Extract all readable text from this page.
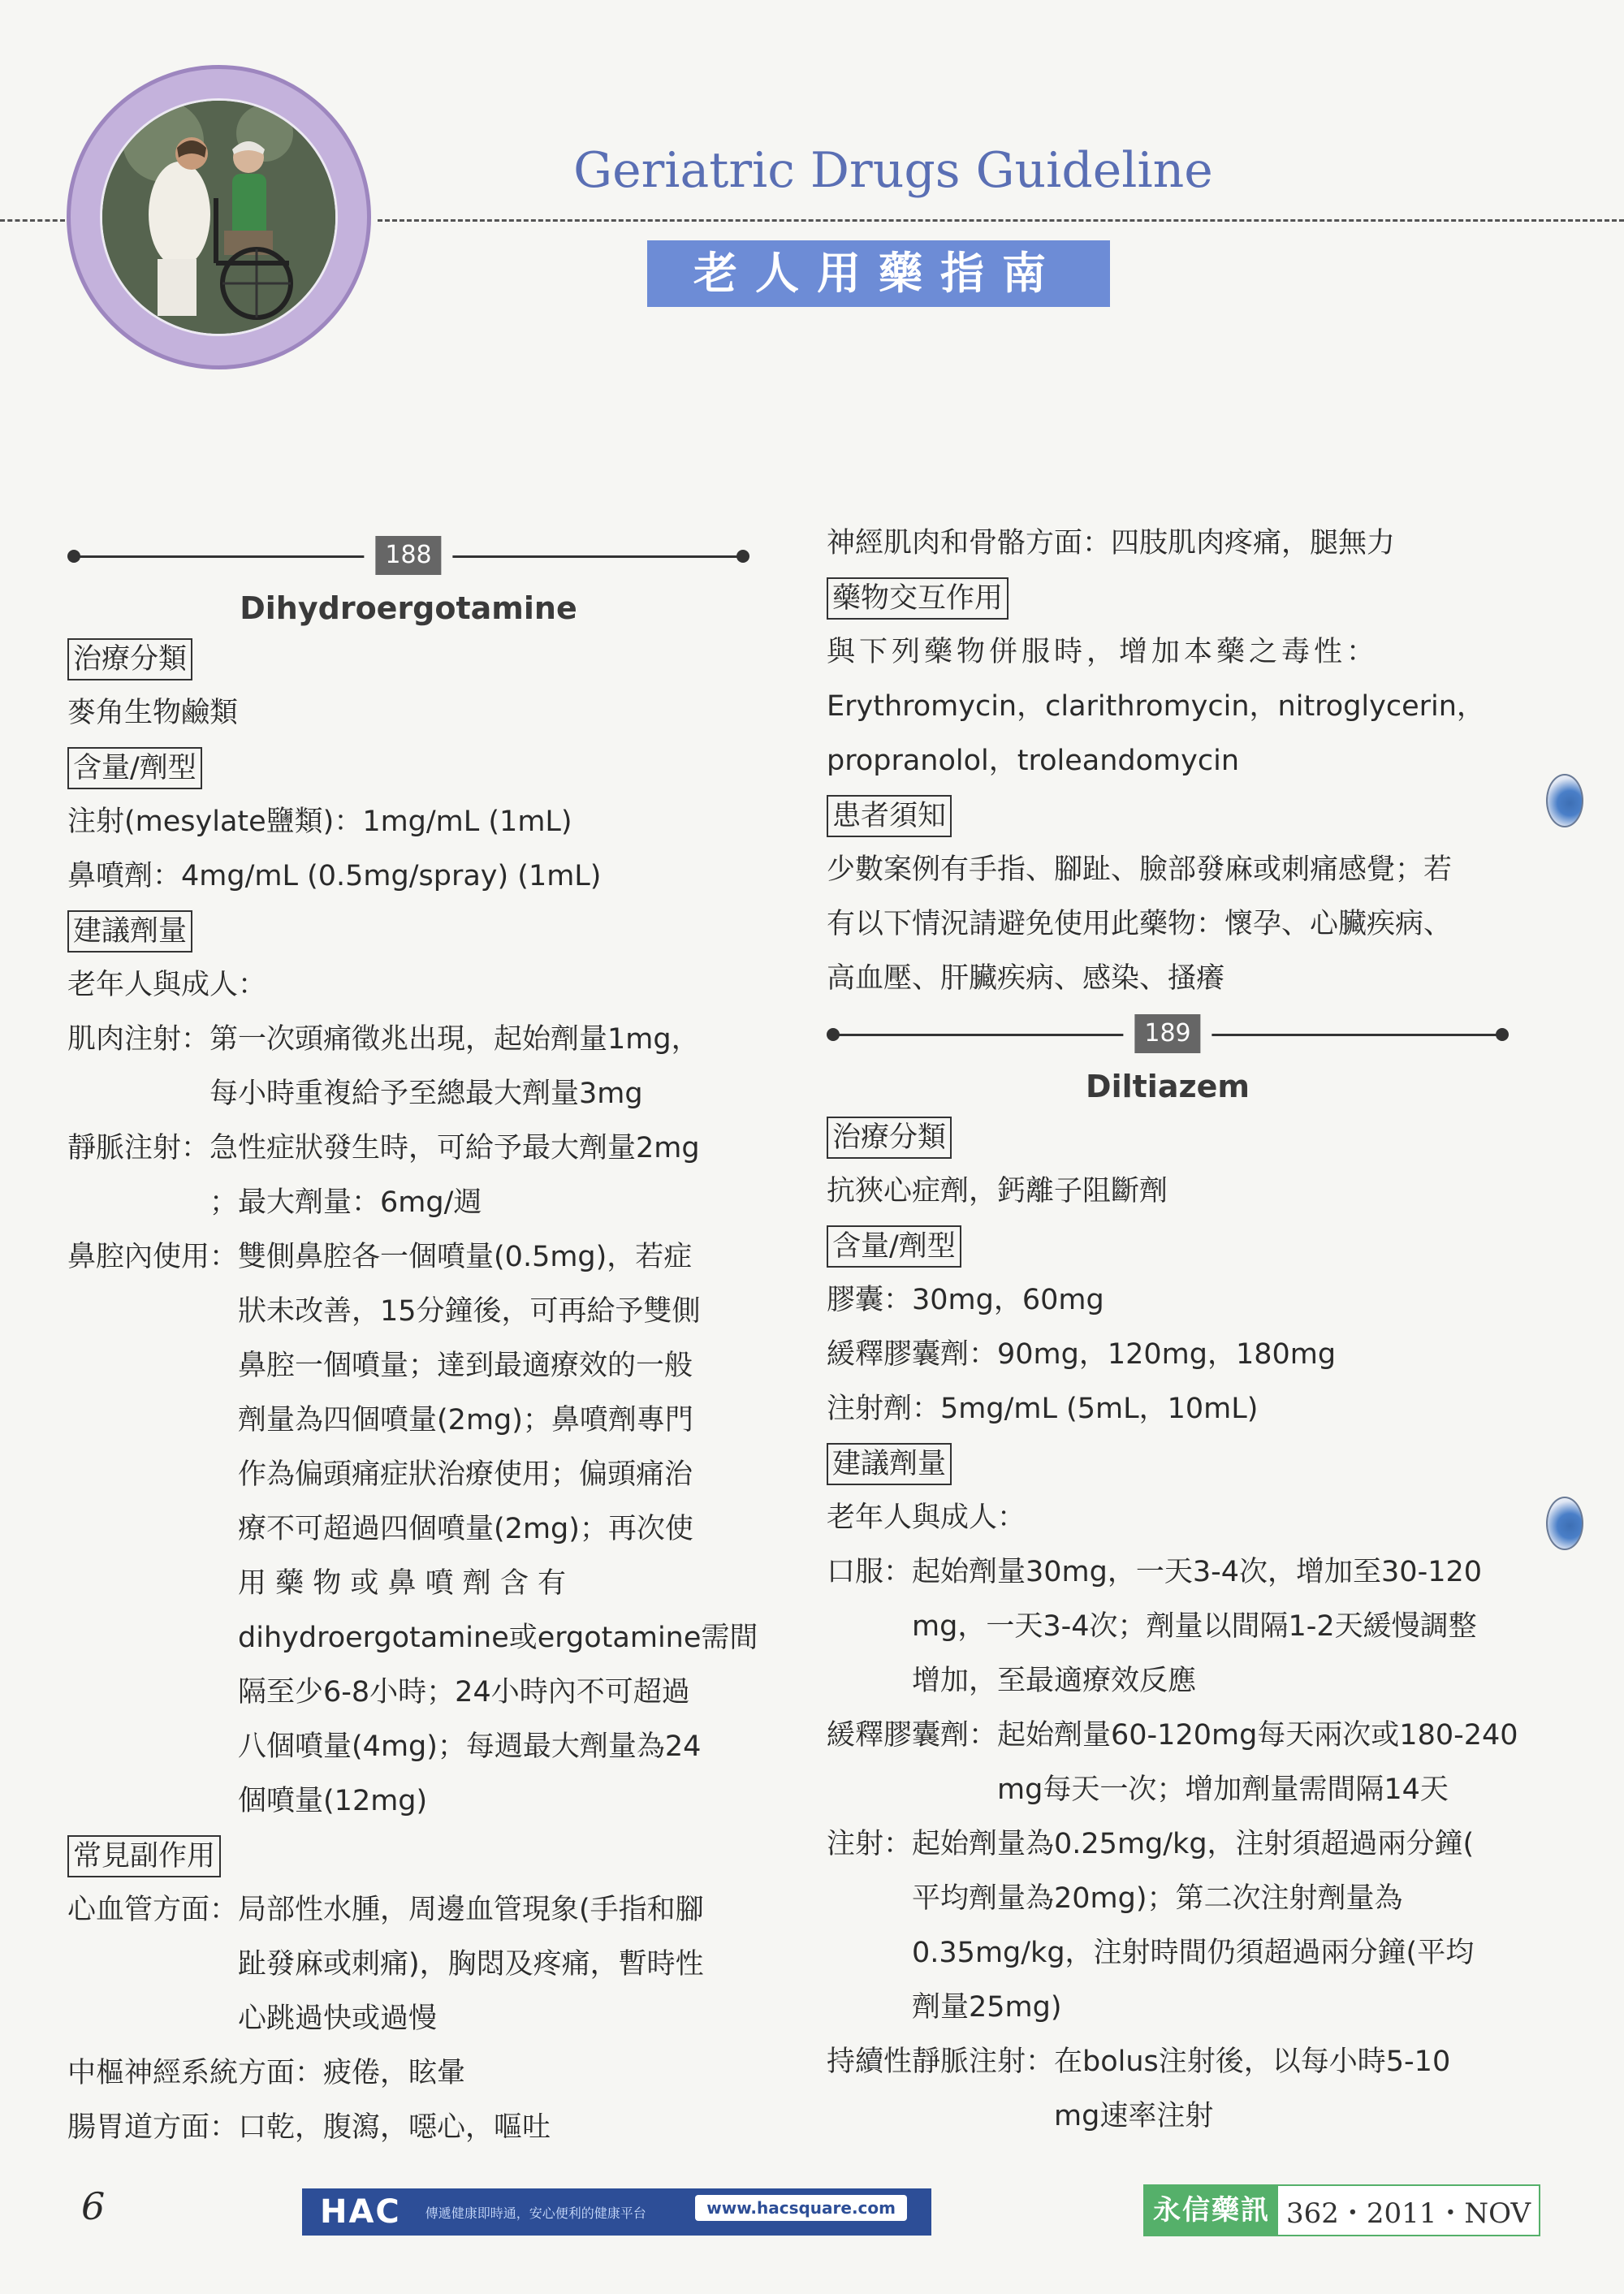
Geriatric Drugs Guideline
老人用藥指南
188
Dihydroergotamine
治療分類
麥角生物鹼類
含量/劑型
注射(mesylate鹽類)：1mg/mL (1mL)
鼻噴劑：4mg/mL (0.5mg/spray) (1mL)
建議劑量
老年人與成人：
肌肉注射： 第一次頭痛徵兆出現，起始劑量1mg，
每小時重複給予至總最大劑量3mg
靜脈注射： 急性症狀發生時，可給予最大劑量2mg
；最大劑量：6mg/週
鼻腔內使用： 雙側鼻腔各一個噴量(0.5mg)，若症
狀未改善，15分鐘後，可再給予雙側
鼻腔一個噴量；達到最適療效的一般
劑量為四個噴量(2mg)；鼻噴劑專門
作為偏頭痛症狀治療使用；偏頭痛治
療不可超過四個噴量(2mg)；再次使
用 藥 物 或 鼻 噴 劑 含 有
dihydroergotamine或ergotamine需間
隔至少6-8小時；24小時內不可超過
八個噴量(4mg)；每週最大劑量為24
個噴量(12mg)
常見副作用
心血管方面： 局部性水腫，周邊血管現象(手指和腳
趾發麻或刺痛)，胸悶及疼痛，暫時性
心跳過快或過慢
中樞神經系統方面：疲倦，眩暈
腸胃道方面：口乾，腹瀉，噁心，嘔吐
神經肌肉和骨骼方面：四肢肌肉疼痛，腿無力
藥物交互作用
與下列藥物併服時，增加本藥之毒性：
Erythromycin，clarithromycin，nitroglycerin，
propranolol，troleandomycin
患者須知
少數案例有手指、腳趾、臉部發麻或刺痛感覺；若
有以下情況請避免使用此藥物：懷孕、心臟疾病、
高血壓、肝臟疾病、感染、搔癢
189
Diltiazem
治療分類
抗狹心症劑，鈣離子阻斷劑
含量/劑型
膠囊：30mg，60mg
緩釋膠囊劑：90mg，120mg，180mg
注射劑：5mg/mL (5mL，10mL)
建議劑量
老年人與成人：
口服： 起始劑量30mg，一天3-4次，增加至30-120
mg，一天3-4次；劑量以間隔1-2天緩慢調整
增加，至最適療效反應
緩釋膠囊劑： 起始劑量60-120mg每天兩次或180-240
mg每天一次；增加劑量需間隔14天
注射： 起始劑量為0.25mg/kg，注射須超過兩分鐘(
平均劑量為20mg)；第二次注射劑量為
0.35mg/kg，注射時間仍須超過兩分鐘(平均
劑量25mg)
持續性靜脈注射： 在bolus注射後，以每小時5-10
mg速率注射
6	HAC 傳遞健康即時通，安心便利的健康平台	www.hacsquare.com	永信藥訊 362・2011・NOV
